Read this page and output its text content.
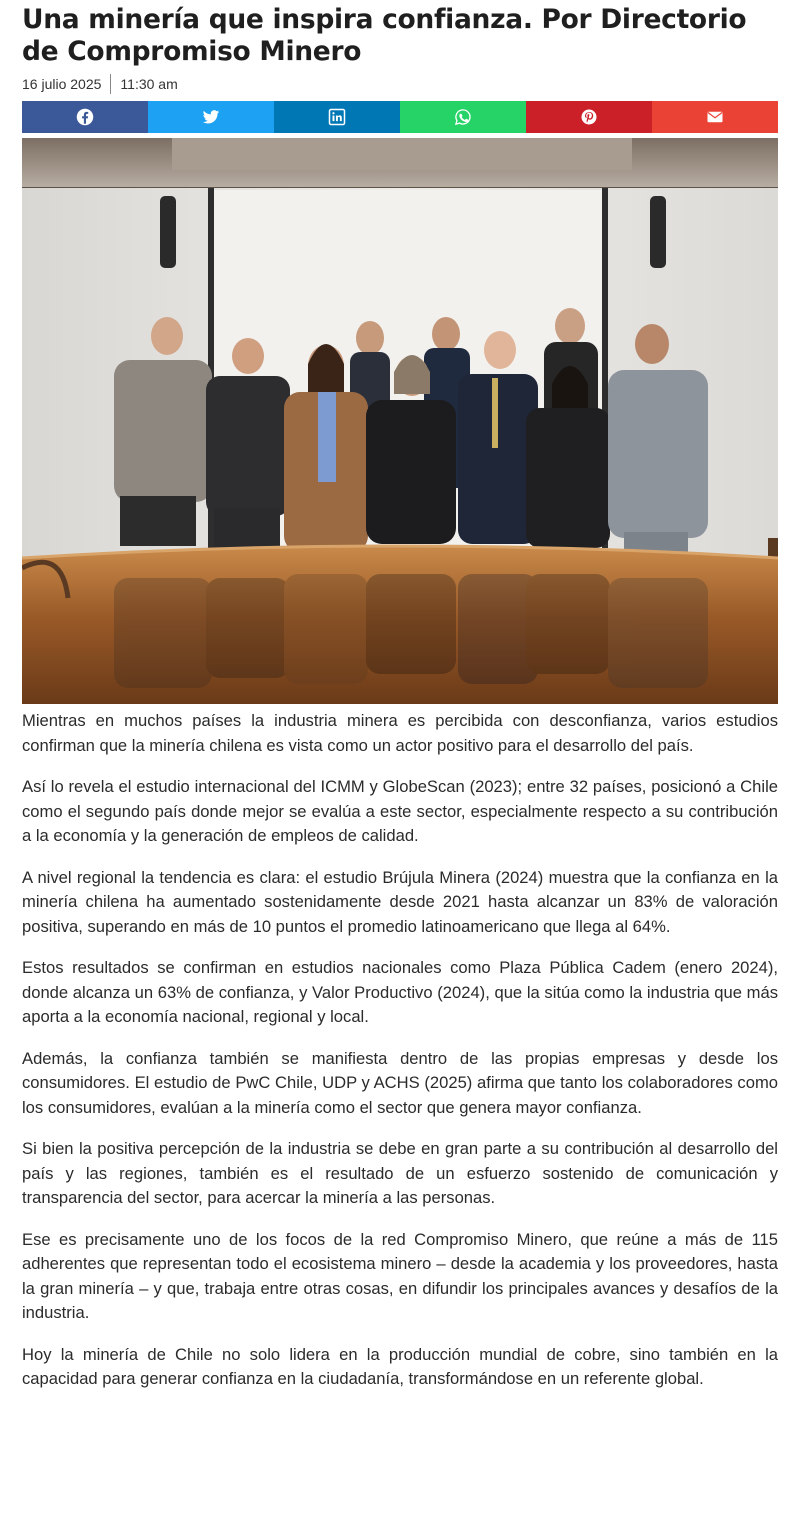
Una minería que inspira confianza. Por Directorio de Compromiso Minero
16 julio 2025 11:30 am

Mientras en muchos países la industria minera es percibida con desconfianza, varios estudios confirman que la minería chilena es vista como un actor positivo para el desarrollo del país.

Así lo revela el estudio internacional del ICMM y GlobeScan (2023); entre 32 países, posicionó a Chile como el segundo país donde mejor se evalúa a este sector, especialmente respecto a su contribución a la economía y la generación de empleos de calidad.

A nivel regional la tendencia es clara: el estudio Brújula Minera (2024) muestra que la confianza en la minería chilena ha aumentado sostenidamente desde 2021 hasta alcanzar un 83% de valoración positiva, superando en más de 10 puntos el promedio latinoamericano que llega al 64%.

Estos resultados se confirman en estudios nacionales como Plaza Pública Cadem (enero 2024), donde alcanza un 63% de confianza, y Valor Productivo (2024), que la sitúa como la industria que más aporta a la economía nacional, regional y local.

Además, la confianza también se manifiesta dentro de las propias empresas y desde los consumidores. El estudio de PwC Chile, UDP y ACHS (2025) afirma que tanto los colaboradores como los consumidores, evalúan a la minería como el sector que genera mayor confianza.

Si bien la positiva percepción de la industria se debe en gran parte a su contribución al desarrollo del país y las regiones, también es el resultado de un esfuerzo sostenido de comunicación y transparencia del sector, para acercar la minería a las personas.

Ese es precisamente uno de los focos de la red Compromiso Minero, que reúne a más de 115 adherentes que representan todo el ecosistema minero – desde la academia y los proveedores, hasta la gran minería – y que, trabaja entre otras cosas, en difundir los principales avances y desafíos de la industria.

Hoy la minería de Chile no solo lidera en la producción mundial de cobre, sino también en la capacidad para generar confianza en la ciudadanía, transformándose en un referente global.
